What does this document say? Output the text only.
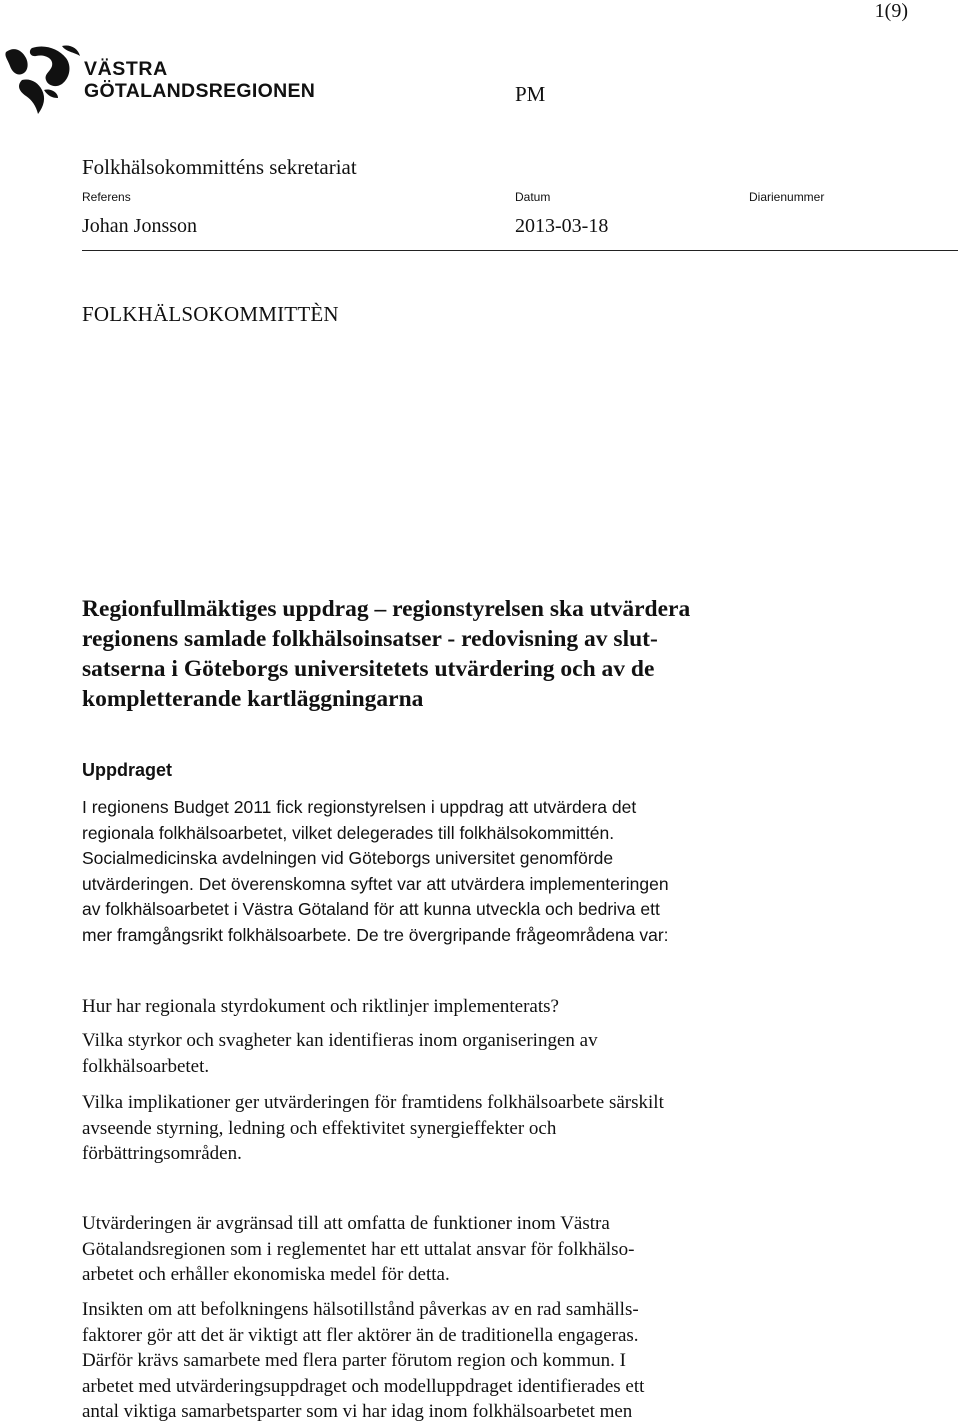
1(9)
VÄSTRA
GÖTALANDSREGIONEN	PM
Folkhälsokommitténs sekretariat
Referens	Datum	Diarienummer
Johan Jonsson	2013-03-18
FOLKHÄLSOKOMMITTÈN
Regionfullmäktiges uppdrag – regionstyrelsen ska utvärdera
regionens samlade folkhälsoinsatser - redovisning av slut-
satserna i Göteborgs universitetets utvärdering och av de
kompletterande kartläggningarna
Uppdraget
I regionens Budget 2011 fick regionstyrelsen i uppdrag att utvärdera det
regionala folkhälsoarbetet, vilket delegerades till folkhälsokommittén.
Socialmedicinska avdelningen vid Göteborgs universitet genomförde
utvärderingen. Det överenskomna syftet var att utvärdera implementeringen
av folkhälsoarbetet i Västra Götaland för att kunna utveckla och bedriva ett
mer framgångsrikt folkhälsoarbete. De tre övergripande frågeområdena var:
Hur har regionala styrdokument och riktlinjer implementerats?
Vilka styrkor och svagheter kan identifieras inom organiseringen av
folkhälsoarbetet.
Vilka implikationer ger utvärderingen för framtidens folkhälsoarbete särskilt
avseende styrning, ledning och effektivitet synergieffekter och
förbättringsområden.
Utvärderingen är avgränsad till att omfatta de funktioner inom Västra
Götalandsregionen som i reglementet har ett uttalat ansvar för folkhälso-
arbetet och erhåller ekonomiska medel för detta.
Insikten om att befolkningens hälsotillstånd påverkas av en rad samhälls-
faktorer gör att det är viktigt att fler aktörer än de traditionella engageras.
Därför krävs samarbete med flera parter förutom region och kommun. I
arbetet med utvärderingsuppdraget och modelluppdraget identifierades ett
antal viktiga samarbetsparter som vi har idag inom folkhälsoarbetet men
